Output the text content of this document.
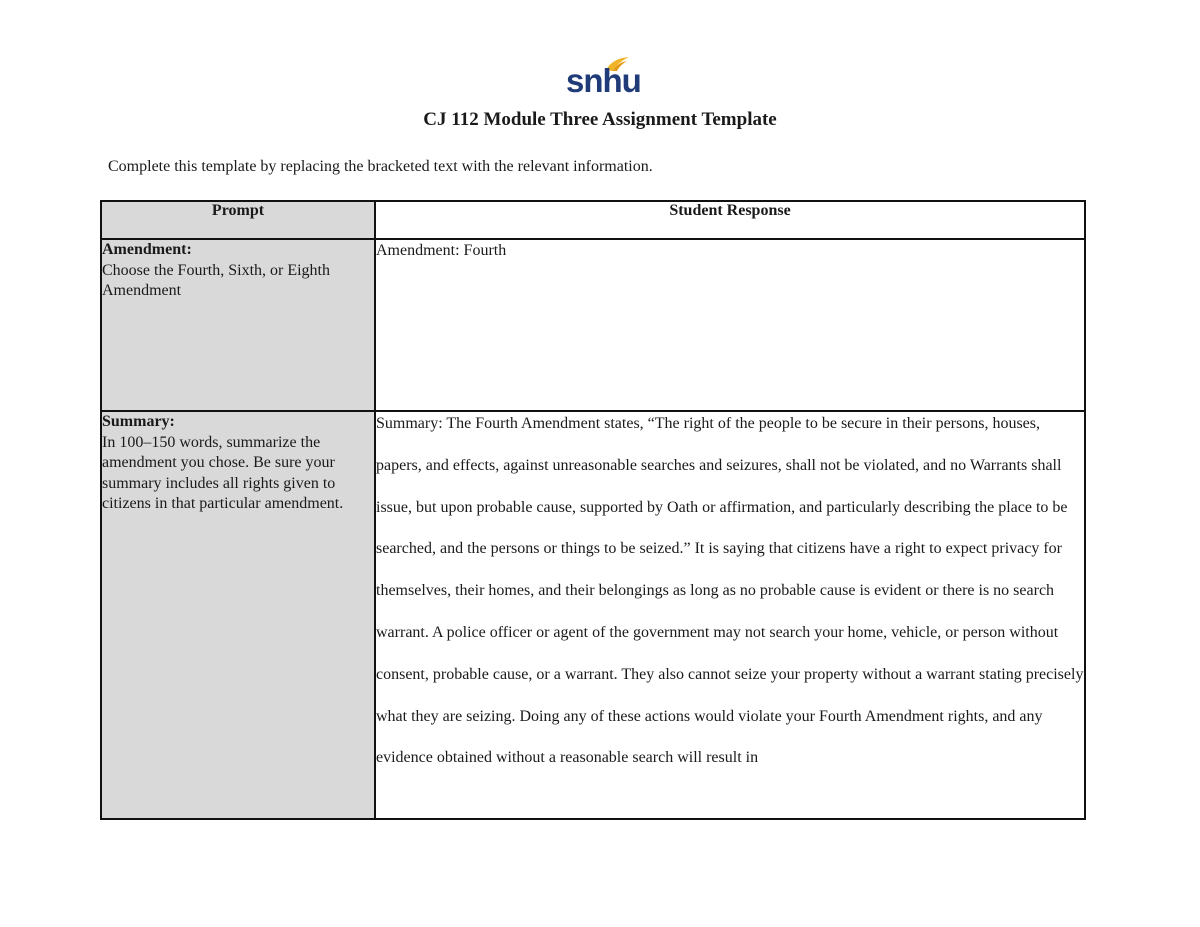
snhu
CJ 112 Module Three Assignment Template
Complete this template by replacing the bracketed text with the relevant information.
Prompt	Student Response

Amendment:
Choose the Fourth, Sixth, or Eighth Amendment	Amendment: Fourth

Summary:
In 100–150 words, summarize the amendment you chose. Be sure your summary includes all rights given to citizens in that particular amendment.	Summary: The Fourth Amendment states, “The right of the people to be secure in their persons, houses, papers, and effects, against unreasonable searches and seizures, shall not be violated, and no Warrants shall issue, but upon probable cause, supported by Oath or affirmation, and particularly describing the place to be searched, and the persons or things to be seized.” It is saying that citizens have a right to expect privacy for themselves, their homes, and their belongings as long as no probable cause is evident or there is no search warrant. A police officer or agent of the government may not search your home, vehicle, or person without consent, probable cause, or a warrant. They also cannot seize your property without a warrant stating precisely what they are seizing. Doing any of these actions would violate your Fourth Amendment rights, and any evidence obtained without a reasonable search will result in
